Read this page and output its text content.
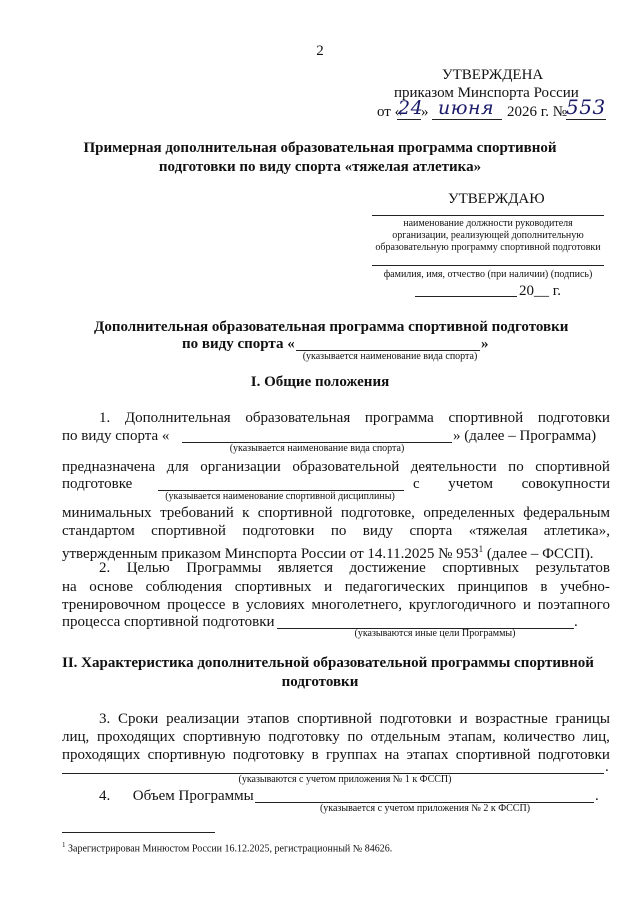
2
УТВЕРЖДЕНА
приказом Минспорта России
от «
24
» июня 2026 г. №
553
Примерная дополнительная образовательная программа спортивной
подготовки по виду спорта «тяжелая атлетика»
УТВЕРЖДАЮ
наименование должности руководителя
организации, реализующей дополнительную
образовательную программу спортивной подготовки
фамилия, имя, отчество (при наличии) (подпись)
20__ г.
Дополнительная образовательная программа спортивной подготовки
по виду спорта «	»
(указывается наименование вида спорта)
I. Общие положения
1. Дополнительная образовательная программа спортивной подготовки
по виду спорта «	» (далее – Программа)
(указывается наименование вида спорта)
предназначена для организации образовательной деятельности по спортивной
подготовке	с учетом совокупности
(указывается наименование спортивной дисциплины)
минимальных требований к спортивной подготовке, определенных федеральным
стандартом спортивной подготовки по виду спорта «тяжелая атлетика»,
утвержденным приказом Минспорта России от 14.11.2025 № $953^1$ (далее – ФССП).
2. Целью Программы является достижение спортивных результатов
на основе соблюдения спортивных и педагогических принципов в учебно-
тренировочном процессе в условиях многолетнего, круглогодичного и поэтапного
процесса спортивной подготовки	.
(указываются иные цели Программы)
II. Характеристика дополнительной образовательной программы спортивной
подготовки
3. Сроки реализации этапов спортивной подготовки и возрастные границы
лиц, проходящих спортивную подготовку по отдельным этапам, количество лиц,
проходящих спортивную подготовку в группах на этапах спортивной подготовки
.
(указываются с учетом приложения № 1 к ФССП)
4.      Объем Программы	.
(указывается с учетом приложения № 2 к ФССП)
$^1$ Зарегистрирован Минюстом России 16.12.2025, регистрационный № 84626.
